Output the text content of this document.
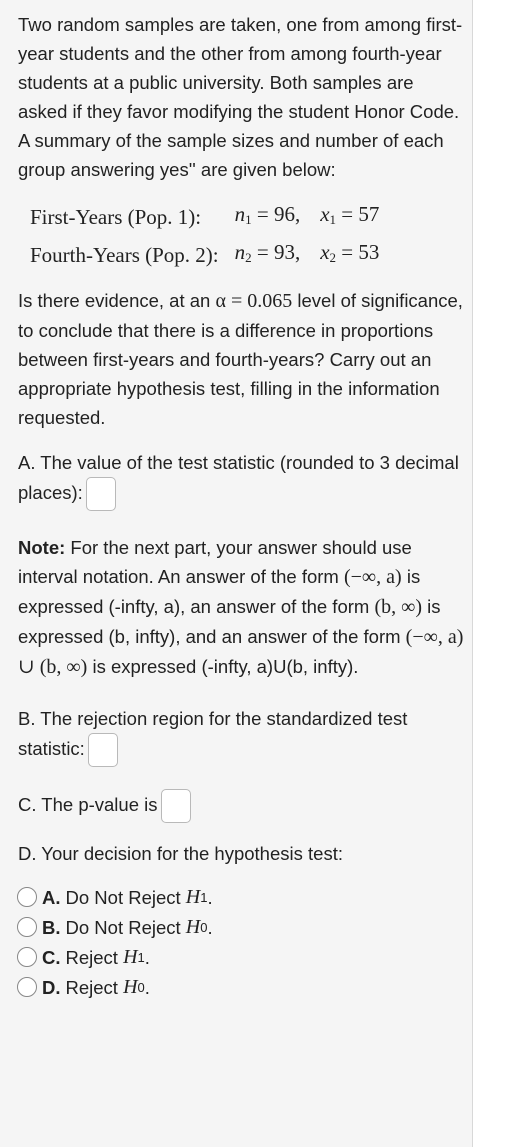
Two random samples are taken, one from among first-year students and the other from among fourth-year students at a public university. Both samples are asked if they favor modifying the student Honor Code. A summary of the sample sizes and number of each group answering yes'' are given below:

First-Years (Pop. 1):	$n_1 = 96$,	$x_1 = 57$
Fourth-Years (Pop. 2):	$n_2 = 93$,	$x_2 = 53$

Is there evidence, at an α = 0.065 level of significance, to conclude that there is a difference in proportions between first-years and fourth-years? Carry out an appropriate hypothesis test, filling in the information requested.

A. The value of the test statistic (rounded to 3 decimal places):

Note: For the next part, your answer should use interval notation. An answer of the form (−∞, a) is expressed (-infty, a), an answer of the form (b, ∞) is expressed (b, infty), and an answer of the form (−∞, a) ∪ (b, ∞) is expressed (-infty, a)U(b, infty).

B. The rejection region for the standardized test statistic:

C. The p-value is

D. Your decision for the hypothesis test:

A. Do Not Reject
H 1 .
B. Do Not Reject
H 0 .
C. Reject
H 1 .
D. Reject
H 0 .
